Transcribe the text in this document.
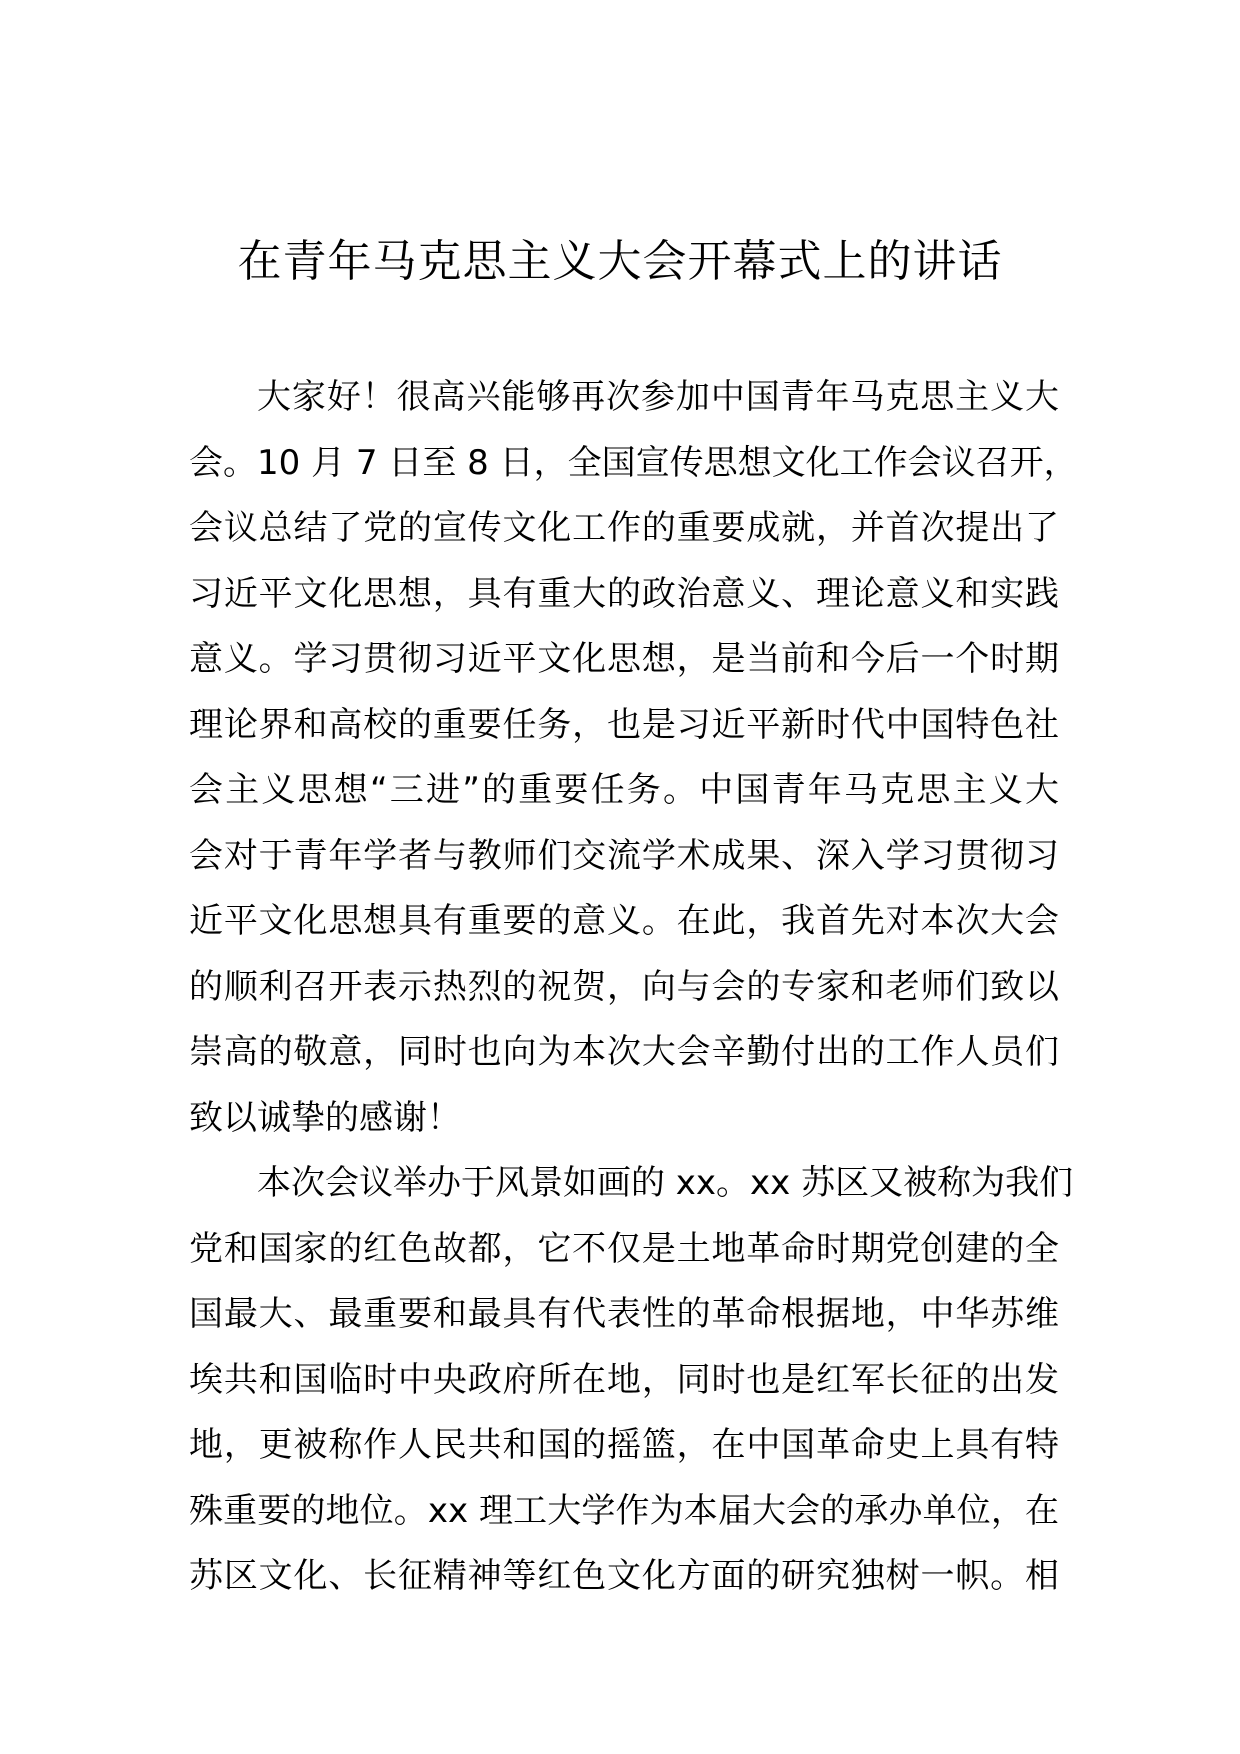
在青年马克思主义大会开幕式上的讲话
大家好！很高兴能够再次参加中国青年马克思主义大
会。10 月 7 日至 8 日，全国宣传思想文化工作会议召开，
会议总结了党的宣传文化工作的重要成就，并首次提出了
习近平文化思想，具有重大的政治意义、理论意义和实践
意义。学习贯彻习近平文化思想，是当前和今后一个时期
理论界和高校的重要任务，也是习近平新时代中国特色社
会主义思想“三进”的重要任务。中国青年马克思主义大
会对于青年学者与教师们交流学术成果、深入学习贯彻习
近平文化思想具有重要的意义。在此，我首先对本次大会
的顺利召开表示热烈的祝贺，向与会的专家和老师们致以
崇高的敬意，同时也向为本次大会辛勤付出的工作人员们
致以诚挚的感谢！
本次会议举办于风景如画的 xx。xx 苏区又被称为我们
党和国家的红色故都，它不仅是土地革命时期党创建的全
国最大、最重要和最具有代表性的革命根据地，中华苏维
埃共和国临时中央政府所在地，同时也是红军长征的出发
地，更被称作人民共和国的摇篮，在中国革命史上具有特
殊重要的地位。xx 理工大学作为本届大会的承办单位，在
苏区文化、长征精神等红色文化方面的研究独树一帜。相
